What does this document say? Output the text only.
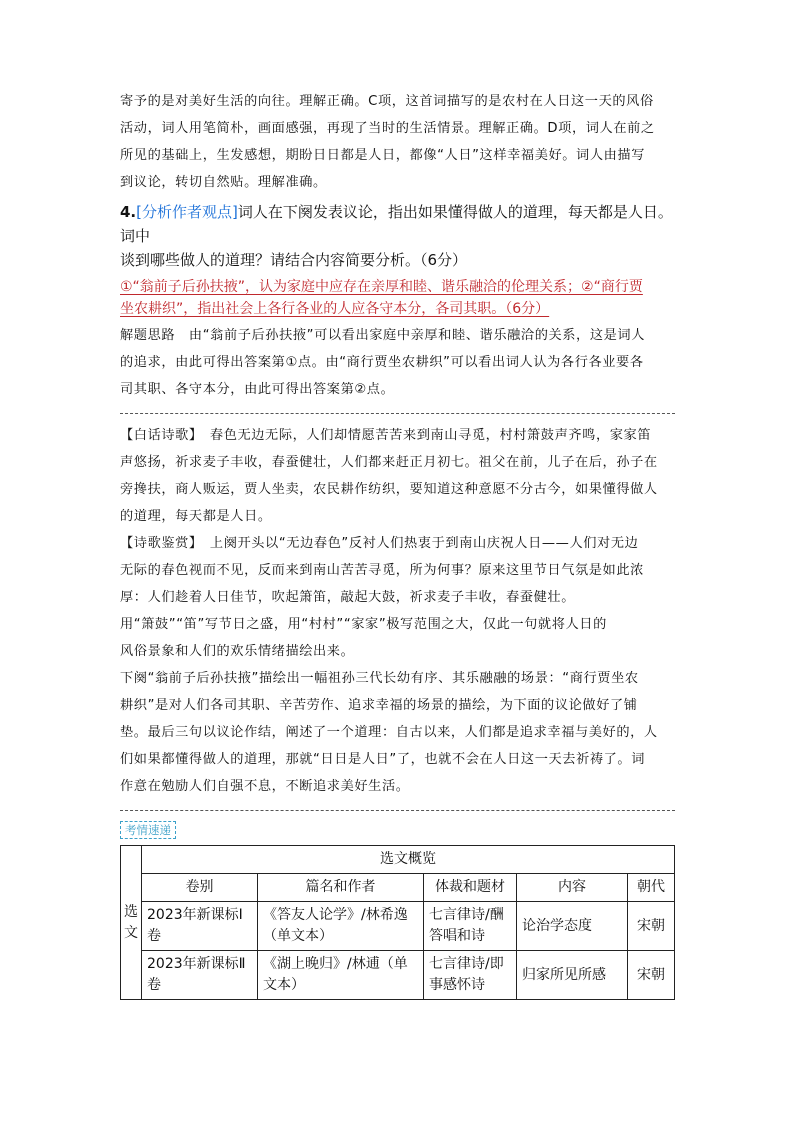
寄予的是对美好生活的向往。理解正确。C项，这首词描写的是农村在人日这一天的风俗

活动，词人用笔简朴，画面感强，再现了当时的生活情景。理解正确。D项，词人在前之

所见的基础上，生发感想，期盼日日都是人日，都像“人日”这样幸福美好。词人由描写

到议论，转切自然贴。理解准确。

4.[分析作者观点]词人在下阕发表议论，指出如果懂得做人的道理，每天都是人日。词中
谈到哪些做人的道理？请结合内容简要分析。（6分）
①“翁前子后孙扶掖”，认为家庭中应存在亲厚和睦、谐乐融洽的伦理关系；②“商行贾
坐农耕织”，指出社会上各行各业的人应各守本分，各司其职。（6分）

解题思路　由“翁前子后孙扶掖”可以看出家庭中亲厚和睦、谐乐融洽的关系，这是词人

的追求，由此可得出答案第①点。由“商行贾坐农耕织”可以看出词人认为各行各业要各

司其职、各守本分，由此可得出答案第②点。

【白话诗歌】　春色无边无际，人们却情愿苦苦来到南山寻觅，村村箫鼓声齐鸣，家家笛

声悠扬，祈求麦子丰收，春蚕健壮，人们都来赶正月初七。祖父在前，儿子在后，孙子在

旁搀扶，商人贩运，贾人坐卖，农民耕作纺织，要知道这种意愿不分古今，如果懂得做人

的道理，每天都是人日。

【诗歌鉴赏】　上阕开头以“无边春色”反衬人们热衷于到南山庆祝人日——人们对无边

无际的春色视而不见，反而来到南山苦苦寻觅，所为何事？原来这里节日气氛是如此浓

厚：人们趁着人日佳节，吹起箫笛，敲起大鼓，祈求麦子丰收，春蚕健壮。

用“箫鼓”“笛”写节日之盛，用“村村”“家家”极写范围之大，仅此一句就将人日的

风俗景象和人们的欢乐情绪描绘出来。

下阕“翁前子后孙扶掖”描绘出一幅祖孙三代长幼有序、其乐融融的场景：“商行贾坐农

耕织”是对人们各司其职、辛苦劳作、追求幸福的场景的描绘，为下面的议论做好了铺

垫。最后三句以议论作结，阐述了一个道理：自古以来，人们都是追求幸福与美好的，人

们如果都懂得做人的道理，那就“日日是人日”了，也就不会在人日这一天去祈祷了。词

作意在勉励人们自强不息，不断追求美好生活。

考情速递
选文	选文概览				
	卷别	篇名和作者	体裁和题材	内容	朝代
	2023年新课标Ⅰ卷	《答友人论学》/林希逸（单文本）	七言律诗/酬答唱和诗	论治学态度	宋朝
	2023年新课标Ⅱ卷	《湖上晚归》/林逋（单文本）	七言律诗/即事感怀诗	归家所见所感	宋朝
